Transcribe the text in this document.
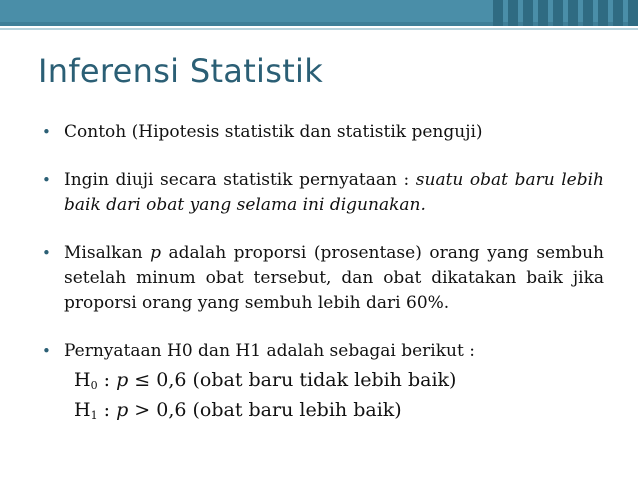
Inferensi Statistik
• Contoh (Hipotesis statistik dan statistik penguji)
• Ingin diuji secara statistik pernyataan : suatu obat baru lebih baik dari obat yang selama ini digunakan.
• Misalkan p adalah proporsi (prosentase) orang yang sembuh setelah minum obat tersebut, dan obat dikatakan baik jika proporsi orang yang sembuh lebih dari 60%.
• Pernyataan H0 dan H1 adalah sebagai berikut :
$H_0$ : p ≤ 0,6 (obat baru tidak lebih baik)
$H_1$ : p > 0,6 (obat baru lebih baik)
